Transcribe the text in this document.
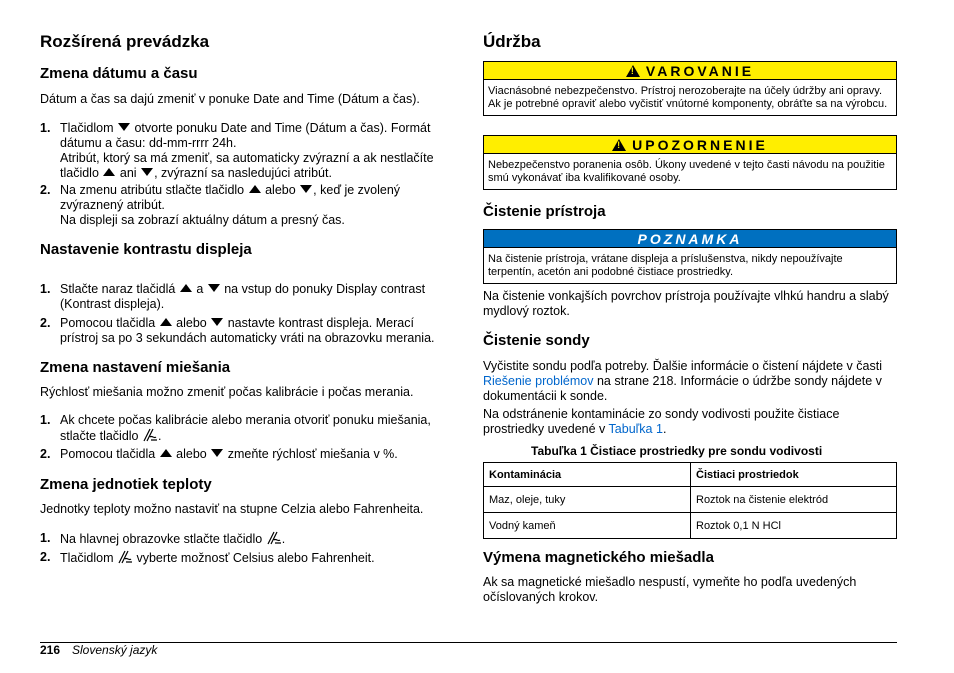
Rozšírená prevádzka
Zmena dátumu a času

Dátum a čas sa dajú zmeniť v ponuke Date and Time (Dátum a čas).

1. Tlačidlom otvorte ponuku Date and Time (Dátum a čas). Formát
dátumu a času: dd-mm-rrrr 24h.
Atribút, ktorý sa má zmeniť, sa automaticky zvýrazní a ak nestlačíte
tlačidlo ani , zvýrazní sa nasledujúci atribút.
2. Na zmenu atribútu stlačte tlačidlo alebo , keď je zvolený
zvýraznený atribút.
Na displeji sa zobrazí aktuálny dátum a presný čas.
Nastavenie kontrastu displeja
1. Stlačte naraz tlačidlá a na vstup do ponuky Display contrast
(Kontrast displeja).
2. Pomocou tlačidla alebo nastavte kontrast displeja. Merací
prístroj sa po 3 sekundách automaticky vráti na obrazovku merania.
Zmena nastavení miešania

Rýchlosť miešania možno zmeniť počas kalibrácie i počas merania.

1. Ak chcete počas kalibrácie alebo merania otvoriť ponuku miešania,
stlačte tlačidlo .
2. Pomocou tlačidla alebo zmeňte rýchlosť miešania v %.
Zmena jednotiek teploty

Jednotky teploty možno nastaviť na stupne Celzia alebo Fahrenheita.

1. Na hlavnej obrazovke stlačte tlačidlo .
2. Tlačidlom vyberte možnosť Celsius alebo Fahrenheit.
Údržba
!
VAROVANIE
Viacnásobné nebezpečenstvo. Prístroj nerozoberajte na účely údržby ani opravy. Ak je potrebné opraviť alebo vyčistiť vnútorné komponenty, obráťte sa na výrobcu.
!
UPOZORNENIE
Nebezpečenstvo poranenia osôb. Úkony uvedené v tejto časti návodu na použitie smú vykonávať iba kvalifikované osoby.
Čistenie prístroja
POZNAMKA
Na čistenie prístroja, vrátane displeja a príslušenstva, nikdy nepoužívajte terpentín, acetón ani podobné čistiace prostriedky.

Na čistenie vonkajších povrchov prístroja používajte vlhkú handru a slabý mydlový roztok.

Čistenie sondy

Vyčistite sondu podľa potreby. Ďalšie informácie o čistení nájdete v časti Riešenie problémov na strane 218. Informácie o údržbe sondy nájdete v dokumentácii k sonde.

Na odstránenie kontaminácie zo sondy vodivosti použite čistiace prostriedky uvedené v Tabuľka 1.

Tabuľka 1 Čistiace prostriedky pre sondu vodivosti
Kontaminácia	Čistiaci prostriedok
Maz, oleje, tuky	Roztok na čistenie elektród
Vodný kameň	Roztok 0,1 N HCl
Výmena magnetického miešadla

Ak sa magnetické miešadlo nespustí, vymeňte ho podľa uvedených očíslovaných krokov.

216 Slovenský jazyk
